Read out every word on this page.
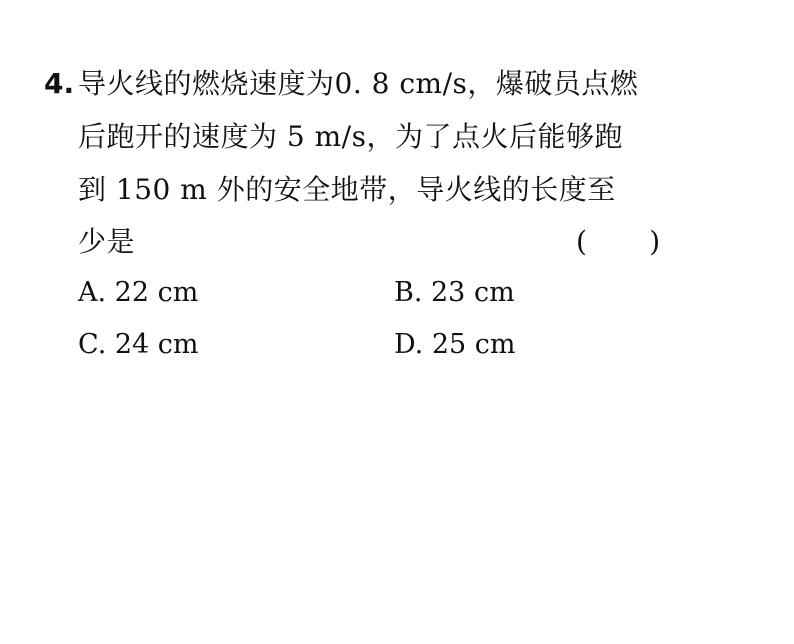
4. 导火线的燃烧速度为0. 8 cm/s，爆破员点燃
后跑开的速度为 5 m/s，为了点火后能够跑
到 150 m 外的安全地带，导火线的长度至
少是	(       )
A. 22 cm	B. 23 cm
C. 24 cm	D. 25 cm
